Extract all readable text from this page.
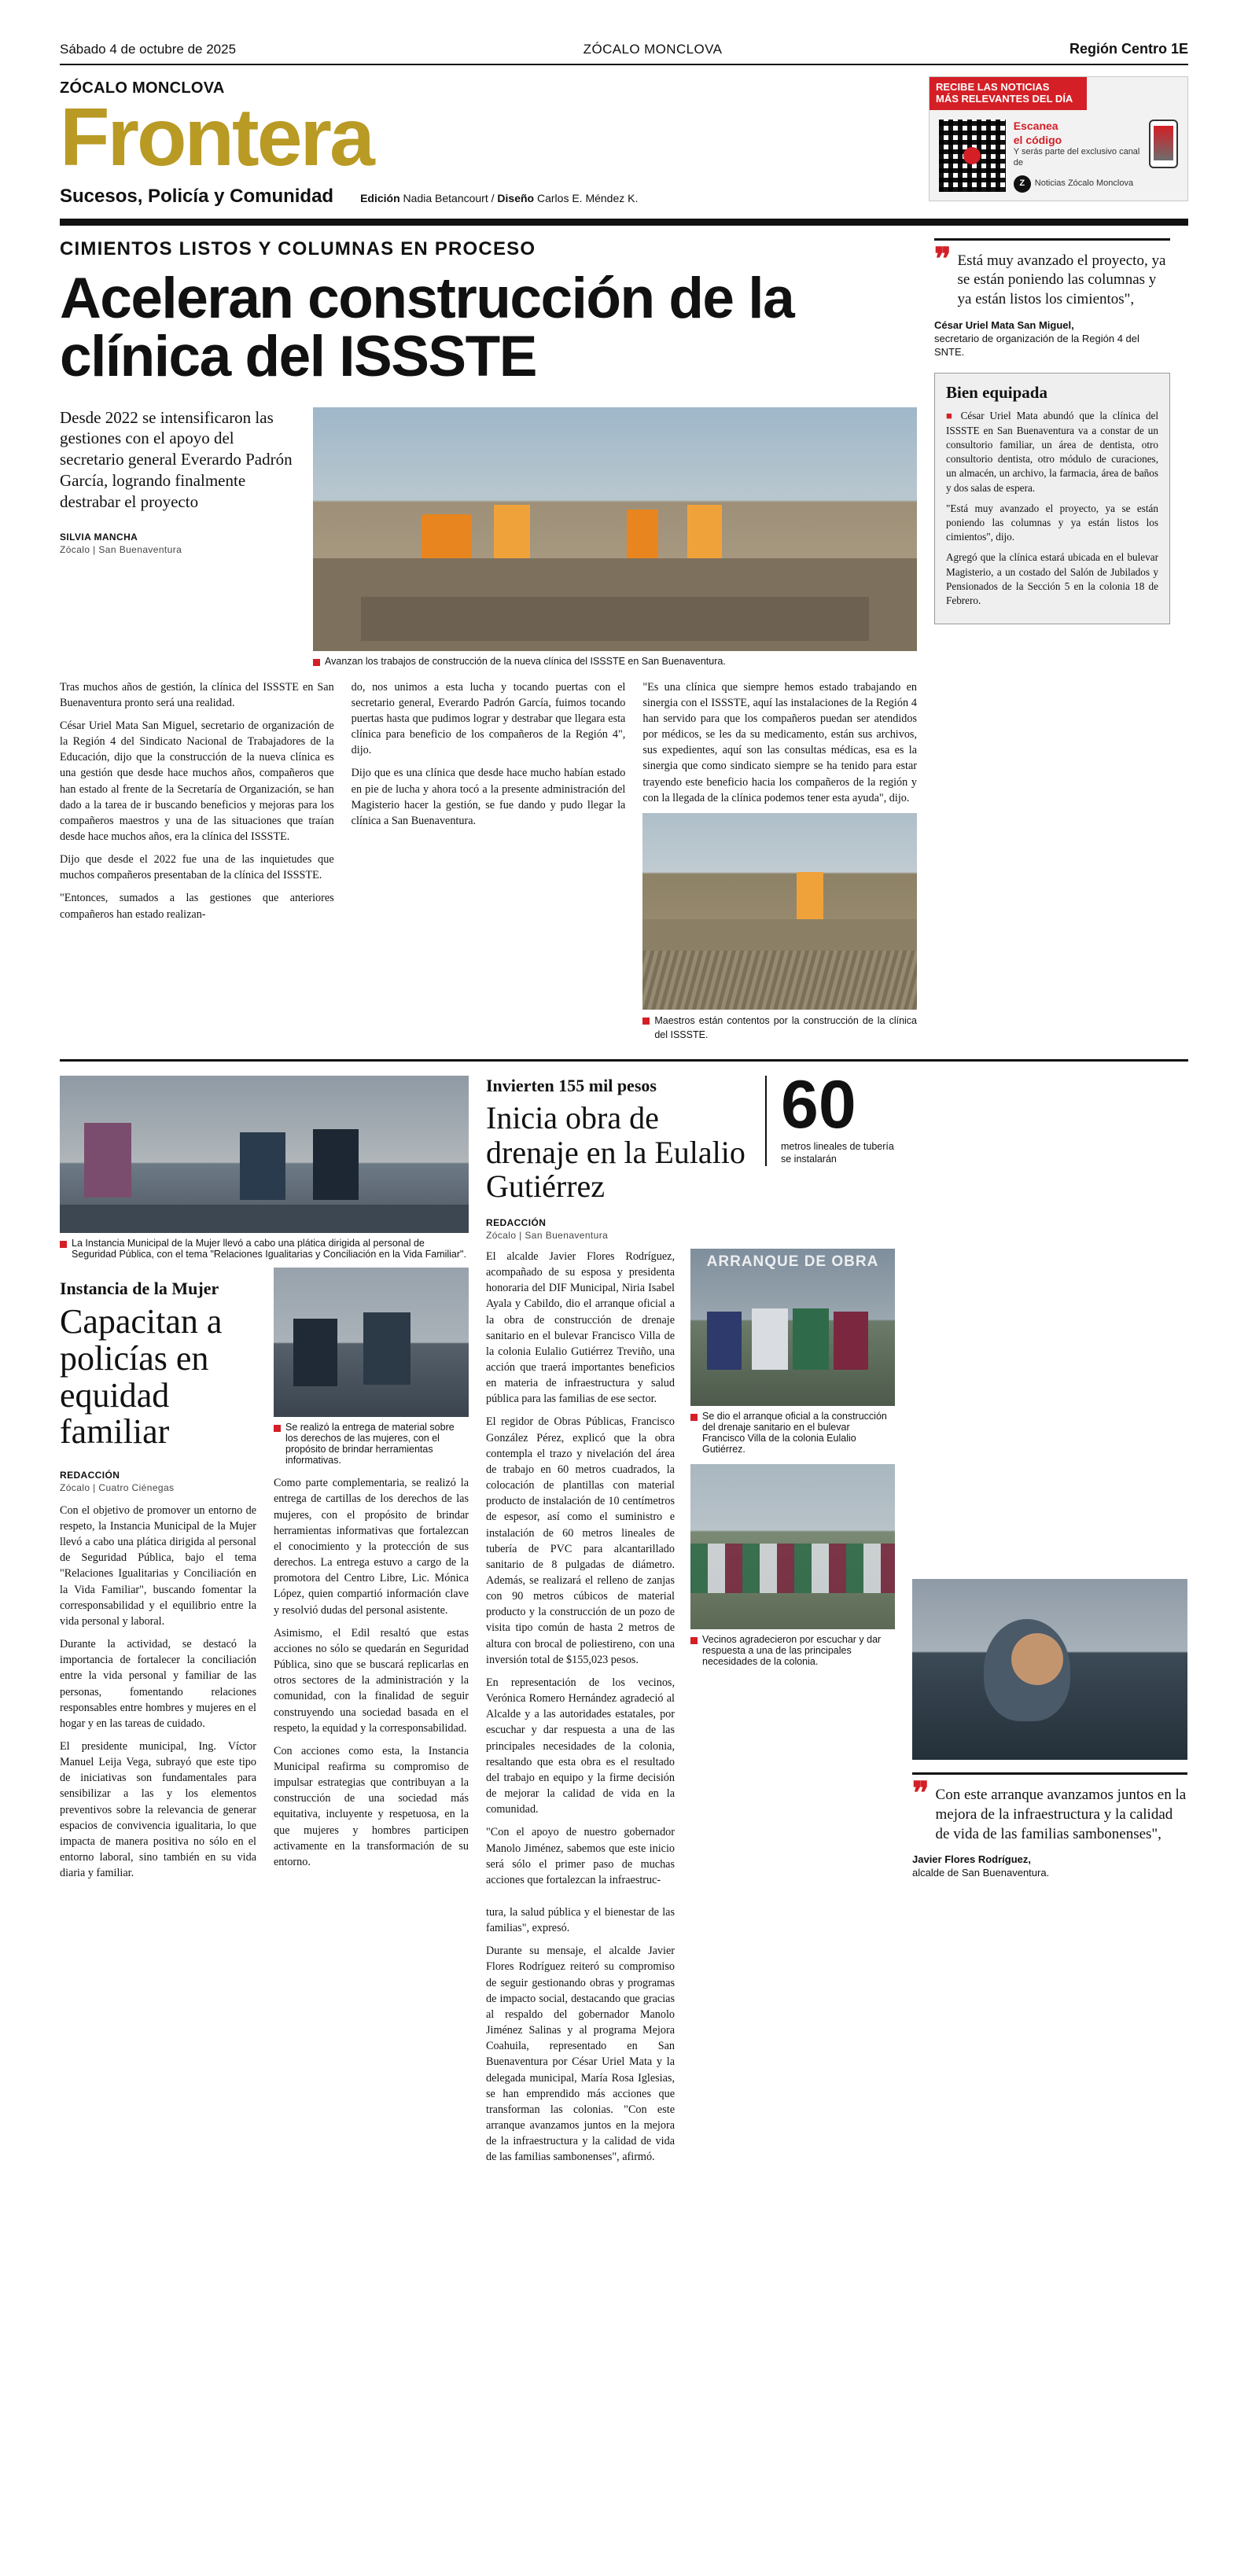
Sábado 4 de octubre de 2025	ZÓCALO MONCLOVA	Región Centro 1E
ZÓCALO MONCLOVA
Frontera
Sucesos, Policía y Comunidad Edición Nadia Betancourt / Diseño Carlos E. Méndez K.
RECIBE LAS NOTICIAS
MÁS RELEVANTES DEL DÍA
Escanea
el código
Y serás parte del exclusivo canal de
Z	Noticias Zócalo Monclova
CIMIENTOS LISTOS Y COLUMNAS EN PROCESO
Aceleran construcción de la clínica del ISSSTE
Desde 2022 se intensificaron las gestiones con el apoyo del secretario general Everardo Padrón García, logrando finalmente destrabar el proyecto
SILVIA MANCHA
Zócalo | San Buenaventura
Avanzan los trabajos de construcción de la nueva clínica del ISSSTE en San Buenaventura.

Tras muchos años de gestión, la clínica del ISSSTE en San Buenaventura pronto será una realidad.

César Uriel Mata San Miguel, secretario de organización de la Región 4 del Sindicato Nacional de Trabajadores de la Educación, dijo que la construcción de la nueva clínica es una gestión que desde hace muchos años, compañeros que han estado al frente de la Secretaría de Organización, se han dado a la tarea de ir buscando beneficios y mejoras para los compañeros maestros y una de las situaciones que traían desde hace muchos años, era la clínica del ISSSTE.

Dijo que desde el 2022 fue una de las inquietudes que muchos compañeros presentaban de la clínica del ISSSTE.

"Entonces, sumados a las gestiones que anteriores compañeros han estado realizan-

do, nos unimos a esta lucha y tocando puertas con el secretario general, Everardo Padrón García, fuimos tocando puertas hasta que pudimos lograr y destrabar que llegara esta clínica para beneficio de los compañeros de la Región 4", dijo.

Dijo que es una clínica que desde hace mucho habían estado en pie de lucha y ahora tocó a la presente administración del Magisterio hacer la gestión, se fue dando y pudo llegar la clínica a San Buenaventura.

"Es una clínica que siempre hemos estado trabajando en sinergia con el ISSSTE, aquí las instalaciones de la Región 4 han servido para que los compañeros puedan ser atendidos por médicos, se les da su medicamento, están sus archivos, sus expedientes, aquí son las consultas médicas, esa es la sinergia que como sindicato siempre se ha tenido para estar trayendo este beneficio hacia los compañeros de la región y con la llegada de la clínica podemos tener esta ayuda", dijo.

Maestros están contentos por la construcción de la clínica del ISSSTE.
❞ Está muy avanzado el proyecto, ya se están poniendo las columnas y ya están listos los cimientos",
César Uriel Mata San Miguel,
secretario de organización de la Región 4 del SNTE.
Bien equipada

■ César Uriel Mata abundó que la clínica del ISSSTE en San Buenaventura va a constar de un consultorio familiar, un área de dentista, otro consultorio dentista, otro módulo de curaciones, un almacén, un archivo, la farmacia, área de baños y dos salas de espera.

"Está muy avanzado el proyecto, ya se están poniendo las columnas y ya están listos los cimientos", dijo.

Agregó que la clínica estará ubicada en el bulevar Magisterio, a un costado del Salón de Jubilados y Pensionados de la Sección 5 en la colonia 18 de Febrero.

La Instancia Municipal de la Mujer llevó a cabo una plática dirigida al personal de Seguridad Pública, con el tema "Relaciones Igualitarias y Conciliación en la Vida Familiar".
Instancia de la Mujer
Capacitan a policías en equidad familiar
REDACCIÓN
Zócalo | Cuatro Ciénegas

Con el objetivo de promover un entorno de respeto, la Instancia Municipal de la Mujer llevó a cabo una plática dirigida al personal de Seguridad Pública, bajo el tema "Relaciones Igualitarias y Conciliación en la Vida Familiar", buscando fomentar la corresponsabilidad y el equilibrio entre la vida personal y laboral.

Durante la actividad, se destacó la importancia de fortalecer la conciliación entre la vida personal y familiar de las personas, fomentando relaciones responsables entre hombres y mujeres en el hogar y en las tareas de cuidado.

El presidente municipal, Ing. Víctor Manuel Leija Vega, subrayó que este tipo de iniciativas son fundamentales para sensibilizar a las y los elementos preventivos sobre la relevancia de generar espacios de convivencia igualitaria, lo que impacta de manera positiva no sólo en el entorno laboral, sino también en su vida diaria y familiar.

Se realizó la entrega de material sobre los derechos de las mujeres, con el propósito de brindar herramientas informativas.

Como parte complementaria, se realizó la entrega de cartillas de los derechos de las mujeres, con el propósito de brindar herramientas informativas que fortalezcan el conocimiento y la protección de sus derechos. La entrega estuvo a cargo de la promotora del Centro Libre, Lic. Mónica López, quien compartió información clave y resolvió dudas del personal asistente.

Asimismo, el Edil resaltó que estas acciones no sólo se quedarán en Seguridad Pública, sino que se buscará replicarlas en otros sectores de la administración y la comunidad, con la finalidad de seguir construyendo una sociedad basada en el respeto, la equidad y la corresponsabilidad.

Con acciones como esta, la Instancia Municipal reafirma su compromiso de impulsar estrategias que contribuyan a la construcción de una sociedad más equitativa, incluyente y respetuosa, en la que mujeres y hombres participen activamente en la transformación de su entorno.

Invierten 155 mil pesos
Inicia obra de drenaje en la Eulalio Gutiérrez
60
metros lineales de tubería se instalarán
REDACCIÓN
Zócalo | San Buenaventura

El alcalde Javier Flores Rodríguez, acompañado de su esposa y presidenta honoraria del DIF Municipal, Niria Isabel Ayala y Cabildo, dio el arranque oficial a la obra de construcción de drenaje sanitario en el bulevar Francisco Villa de la colonia Eulalio Gutiérrez Treviño, una acción que traerá importantes beneficios en materia de infraestructura y salud pública para las familias de ese sector.

El regidor de Obras Públicas, Francisco González Pérez, explicó que la obra contempla el trazo y nivelación del área de trabajo en 60 metros cuadrados, la colocación de plantillas con material producto de instalación de 10 centímetros de espesor, así como el suministro e instalación de 60 metros lineales de tubería de PVC para alcantarillado sanitario de 8 pulgadas de diámetro. Además, se realizará el relleno de zanjas con 90 metros cúbicos de material producto y la construcción de un pozo de visita tipo común de hasta 2 metros de altura con brocal de poliestireno, con una inversión total de $155,023 pesos.

En representación de los vecinos, Verónica Romero Hernández agradeció al Alcalde y a las autoridades estatales, por escuchar y dar respuesta a una de las principales necesidades de la colonia, resaltando que esta obra es el resultado del trabajo en equipo y la firme decisión de mejorar la calidad de vida en la comunidad.

"Con el apoyo de nuestro gobernador Manolo Jiménez, sabemos que este inicio será sólo el primer paso de muchas acciones que fortalezcan la infraestruc-

ARRANQUE DE OBRA
Se dio el arranque oficial a la construcción del drenaje sanitario en el bulevar Francisco Villa de la colonia Eulalio Gutiérrez.
Vecinos agradecieron por escuchar y dar respuesta a una de las principales necesidades de la colonia.

tura, la salud pública y el bienestar de las familias", expresó.

Durante su mensaje, el alcalde Javier Flores Rodríguez reiteró su compromiso de seguir gestionando obras y programas de impacto social, destacando que gracias al respaldo del gobernador Manolo Jiménez Salinas y al programa Mejora Coahuila, representado en San Buenaventura por César Uriel Mata y la delegada municipal, María Rosa Iglesias, se han emprendido más acciones que transforman las colonias. "Con este arranque avanzamos juntos en la mejora de la infraestructura y la calidad de vida de las familias sambonenses", afirmó.

❞ Con este arranque avanzamos juntos en la mejora de la infraestructura y la calidad de vida de las familias sambonenses",
Javier Flores Rodríguez,
alcalde de San Buenaventura.
